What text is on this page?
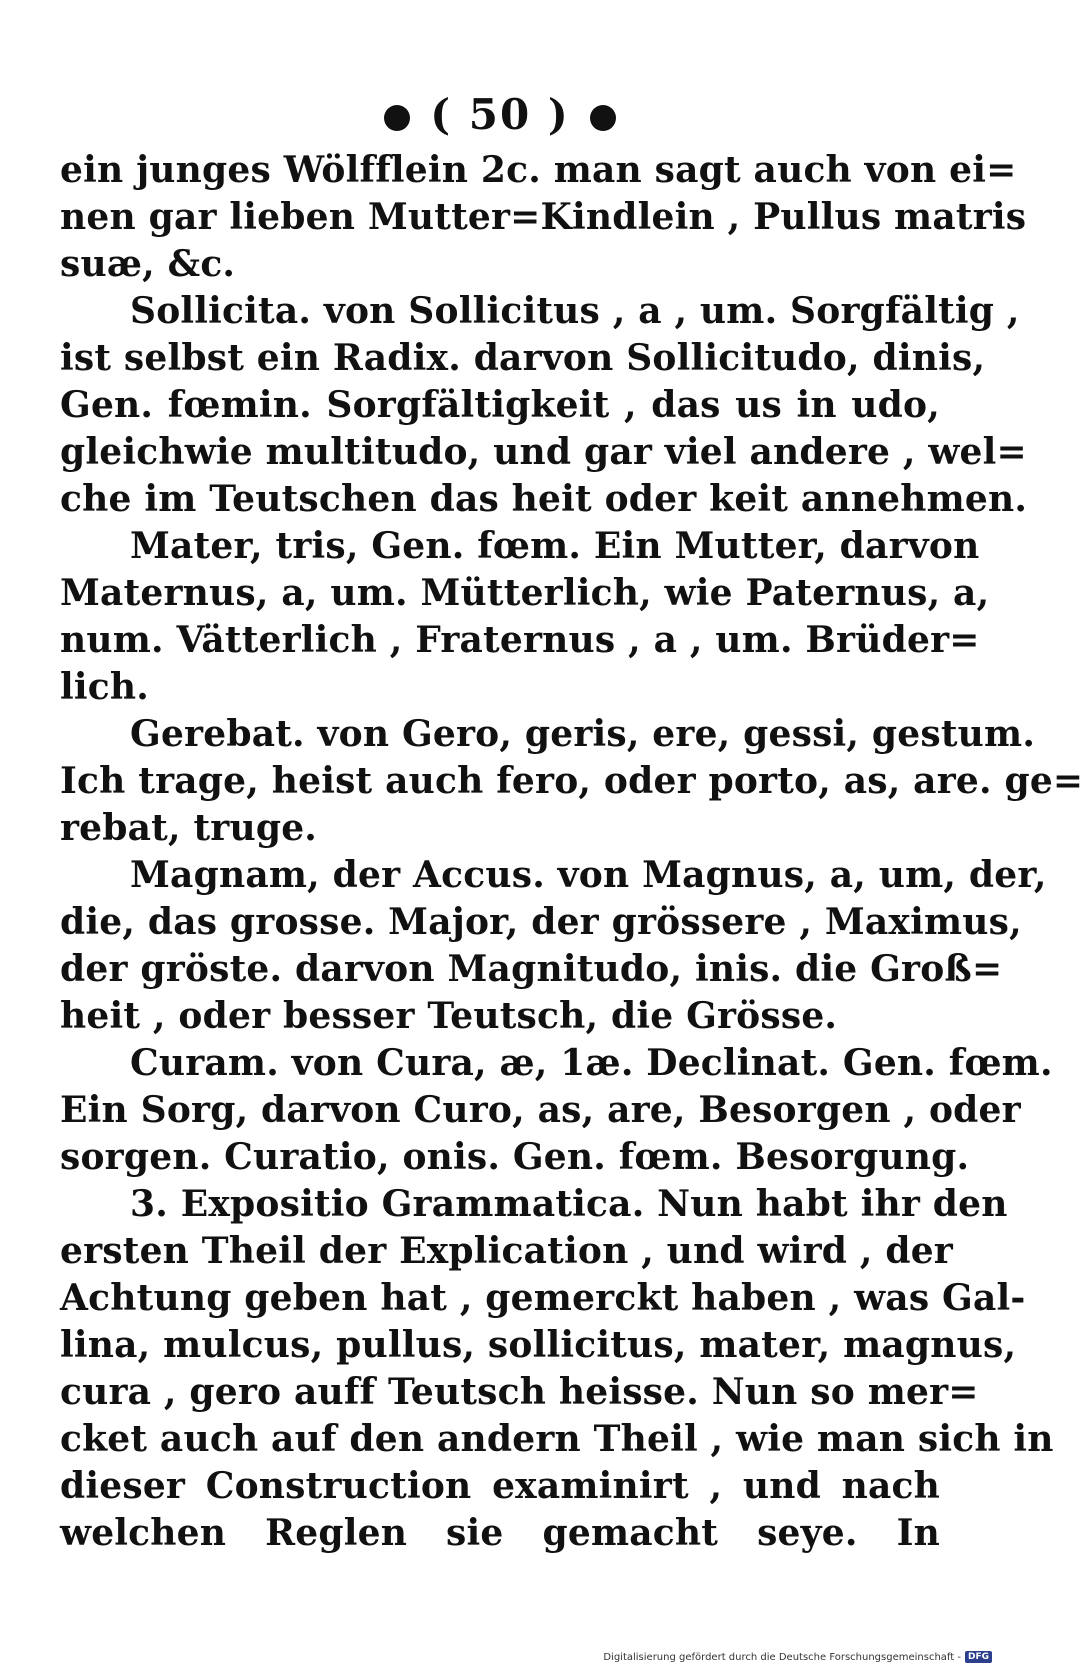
( 50 )
ein junges Wölfflein 2c. man sagt auch von ei=
nen gar lieben Mutter=Kindlein , Pullus matris
suæ, &c.
Sollicita. von Sollicitus , a , um. Sorgfältig ,
ist selbst ein Radix. darvon Sollicitudo, dinis,
Gen. fœmin. Sorgfältigkeit , das us in udo,
gleichwie multitudo, und gar viel andere , wel=
che im Teutschen das heit oder keit annehmen.
Mater, tris, Gen. fœm. Ein Mutter, darvon
Maternus, a, um. Mütterlich, wie Paternus, a,
num. Vätterlich , Fraternus , a , um. Brüder=
lich.
Gerebat. von Gero, geris, ere, gessi, gestum.
Ich trage, heist auch fero, oder porto, as, are. ge=
rebat, truge.
Magnam, der Accus. von Magnus, a, um, der,
die, das grosse. Major, der grössere , Maximus,
der gröste. darvon Magnitudo, inis. die Groß=
heit , oder besser Teutsch, die Grösse.
Curam. von Cura, æ, 1æ. Declinat. Gen. fœm.
Ein Sorg, darvon Curo, as, are, Besorgen , oder
sorgen. Curatio, onis. Gen. fœm. Besorgung.
3. Expositio Grammatica. Nun habt ihr den
ersten Theil der Explication , und wird , der
Achtung geben hat , gemerckt haben , was Gal-
lina, mulcus, pullus, sollicitus, mater, magnus,
cura , gero auff Teutsch heisse. Nun so mer=
cket auch auf den andern Theil , wie man sich in
dieser Construction examinirt , und nach
welchen Reglen sie gemacht seye. In
Digitalisierung gefördert durch die Deutsche Forschungsgemeinschaft - DFG
